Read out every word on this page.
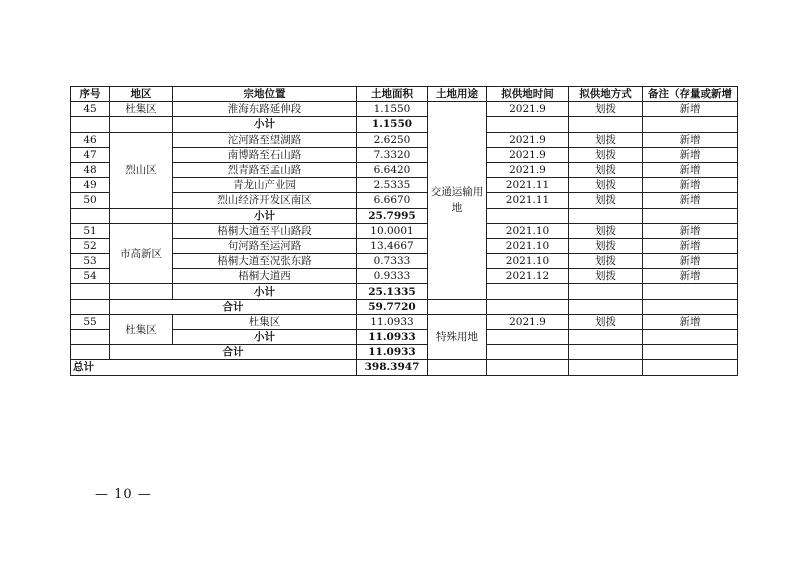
序号	地区	宗地位置	土地面积	土地用途	拟供地时间	拟供地方式	备注（存量或新增
45	杜集区	淮海东路延伸段	1.1550	交通运输用地	2021.9	划拨	新增
		小计	1.1550				
46	烈山区	沱河路至望湖路	2.6250		2021.9	划拨	新增
47		南博路至石山路	7.3320		2021.9	划拨	新增
48		烈青路至孟山路	6.6420		2021.9	划拨	新增
49		青龙山产业园	2.5335		2021.11	划拨	新增
50		烈山经济开发区南区	6.6670		2021.11	划拨	新增
		小计	25.7995				
51	市高新区	梧桐大道至平山路段	10.0001		2021.10	划拨	新增
52		句河路至运河路	13.4667		2021.10	划拨	新增
53		梧桐大道至况张东路	0.7333		2021.10	划拨	新增
54		梧桐大道西	0.9333		2021.12	划拨	新增
		小计	25.1335				
	合计		59.7720				
55	杜集区	杜集区	11.0933	特殊用地	2021.9	划拨	新增
		小计	11.0933				
	合计		11.0933				
总计			398.3947				
— 10 —
